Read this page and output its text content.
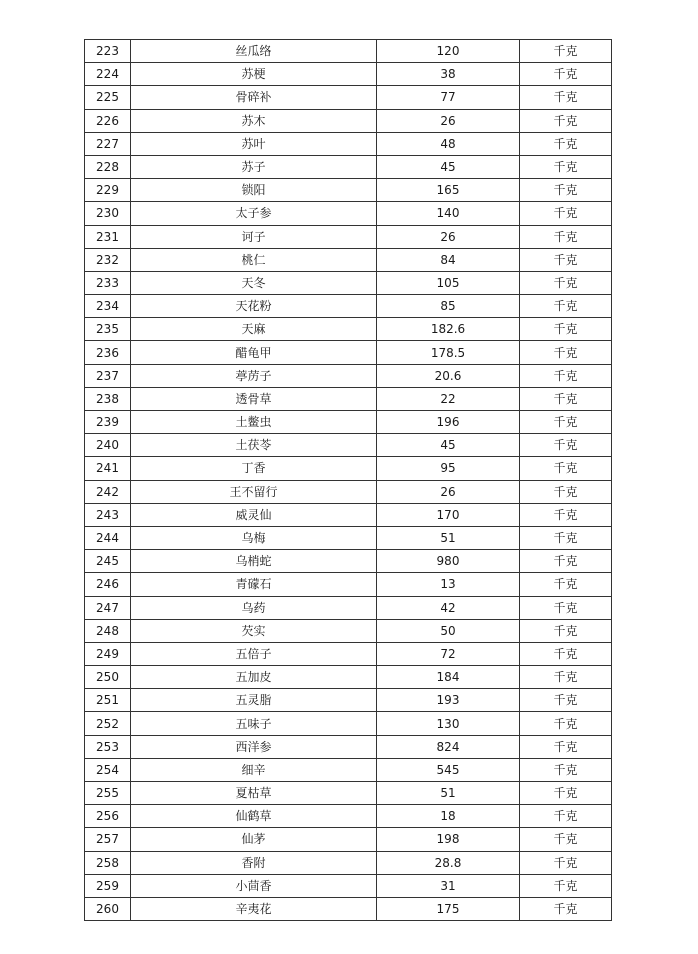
223	丝瓜络	120	千克
224	苏梗	38	千克
225	骨碎补	77	千克
226	苏木	26	千克
227	苏叶	48	千克
228	苏子	45	千克
229	锁阳	165	千克
230	太子参	140	千克
231	诃子	26	千克
232	桃仁	84	千克
233	天冬	105	千克
234	天花粉	85	千克
235	天麻	182.6	千克
236	醋龟甲	178.5	千克
237	葶苈子	20.6	千克
238	透骨草	22	千克
239	土鳖虫	196	千克
240	土茯苓	45	千克
241	丁香	95	千克
242	王不留行	26	千克
243	威灵仙	170	千克
244	乌梅	51	千克
245	乌梢蛇	980	千克
246	青礞石	13	千克
247	乌药	42	千克
248	芡实	50	千克
249	五倍子	72	千克
250	五加皮	184	千克
251	五灵脂	193	千克
252	五味子	130	千克
253	西洋参	824	千克
254	细辛	545	千克
255	夏枯草	51	千克
256	仙鹤草	18	千克
257	仙茅	198	千克
258	香附	28.8	千克
259	小茴香	31	千克
260	辛夷花	175	千克
